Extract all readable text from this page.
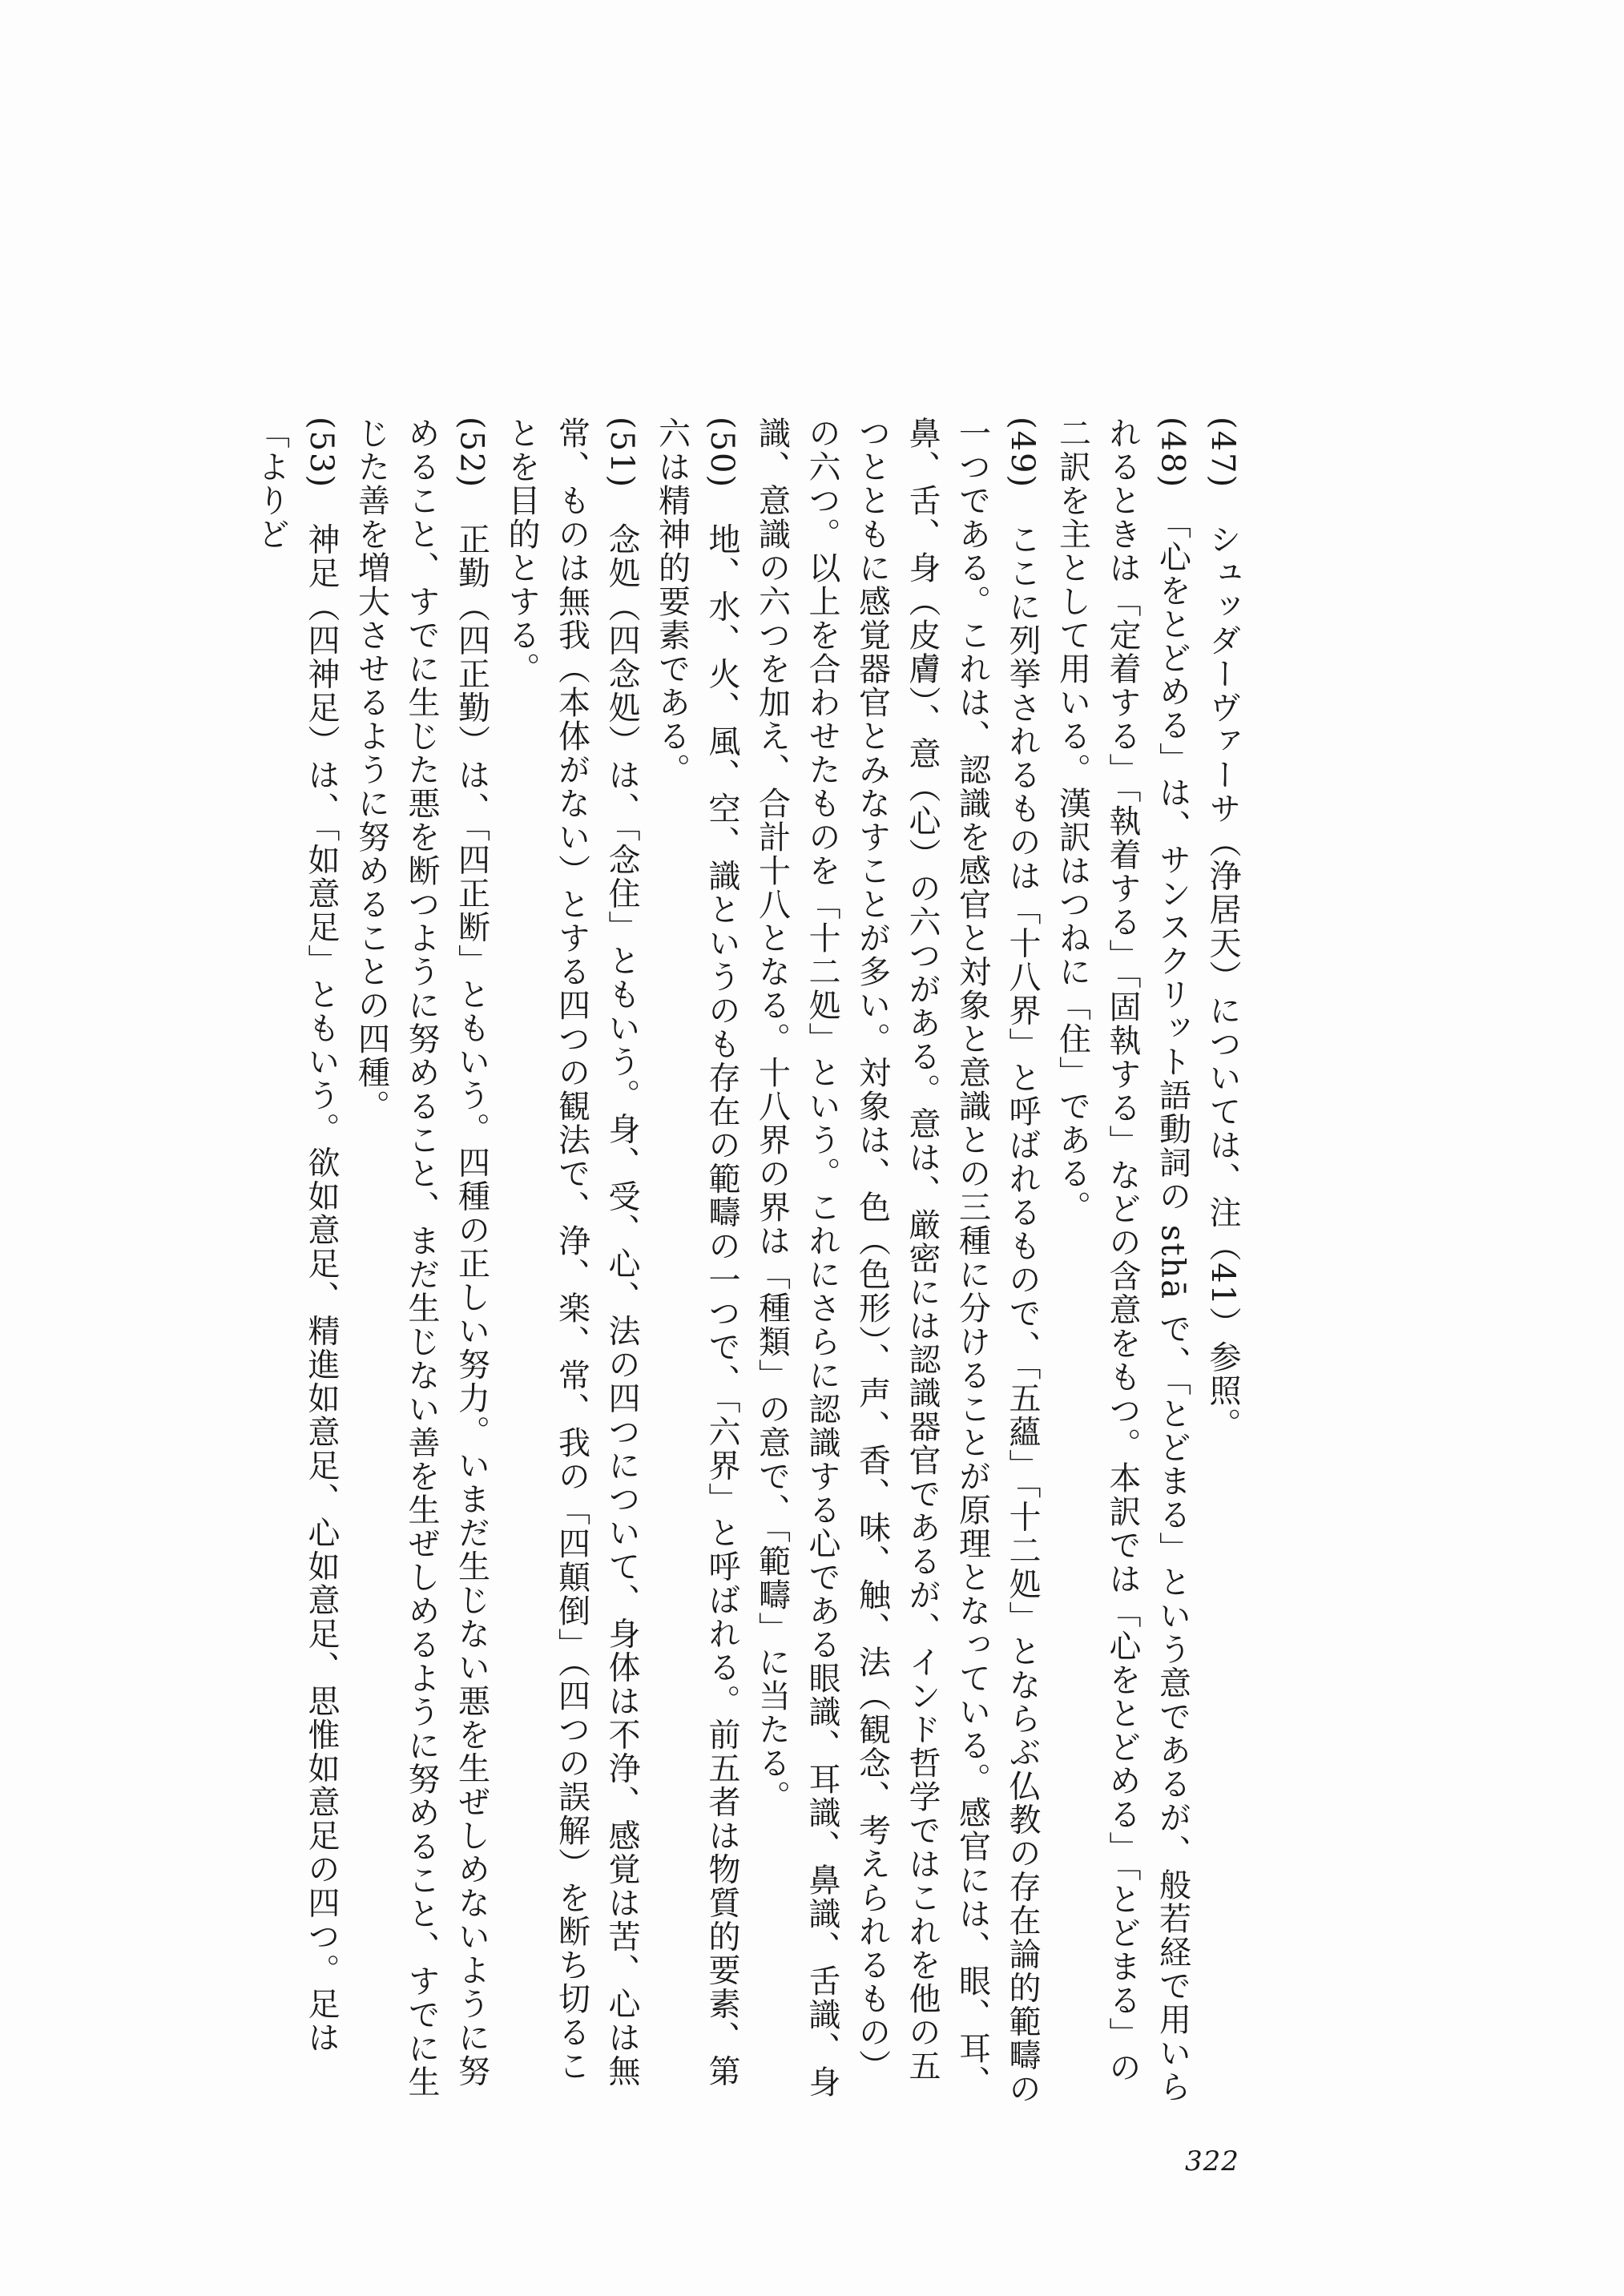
(47)　シュッダーヴァーサ（浄居天）については、注（41）参照。

(48)　「心をとどめる」は、サンスクリット語動詞の sthā で、「とどまる」という意であるが、般若経で用いられるときは「定着する」「執着する」「固執する」などの含意をもつ。本訳では「心をとどめる」「とどまる」の二訳を主として用いる。漢訳はつねに「住」である。

(49)　ここに列挙されるものは「十八界」と呼ばれるもので、「五蘊」「十二処」とならぶ仏教の存在論的範疇の一つである。これは、認識を感官と対象と意識との三種に分けることが原理となっている。感官には、眼、耳、鼻、舌、身（皮膚）、意（心）の六つがある。意は、厳密には認識器官であるが、インド哲学ではこれを他の五つとともに感覚器官とみなすことが多い。対象は、色（色形）、声、香、味、触、法（観念、考えられるもの）の六つ。以上を合わせたものを「十二処」という。これにさらに認識する心である眼識、耳識、鼻識、舌識、身識、意識の六つを加え、合計十八となる。十八界の界は「種類」の意で、「範疇」に当たる。

(50)　地、水、火、風、空、識というのも存在の範疇の一つで、「六界」と呼ばれる。前五者は物質的要素、第六は精神的要素である。

(51)　念処（四念処）は、「念住」ともいう。身、受、心、法の四つについて、身体は不浄、感覚は苦、心は無常、ものは無我（本体がない）とする四つの観法で、浄、楽、常、我の「四顛倒」（四つの誤解）を断ち切ることを目的とする。

(52)　正勤（四正勤）は、「四正断」ともいう。四種の正しい努力。いまだ生じない悪を生ぜしめないように努めること、すでに生じた悪を断つように努めること、まだ生じない善を生ぜしめるように努めること、すでに生じた善を増大させるように努めることの四種。

(53)　神足（四神足）は、「如意足」ともいう。欲如意足、精進如意足、心如意足、思惟如意足の四つ。足は「よりど

322
